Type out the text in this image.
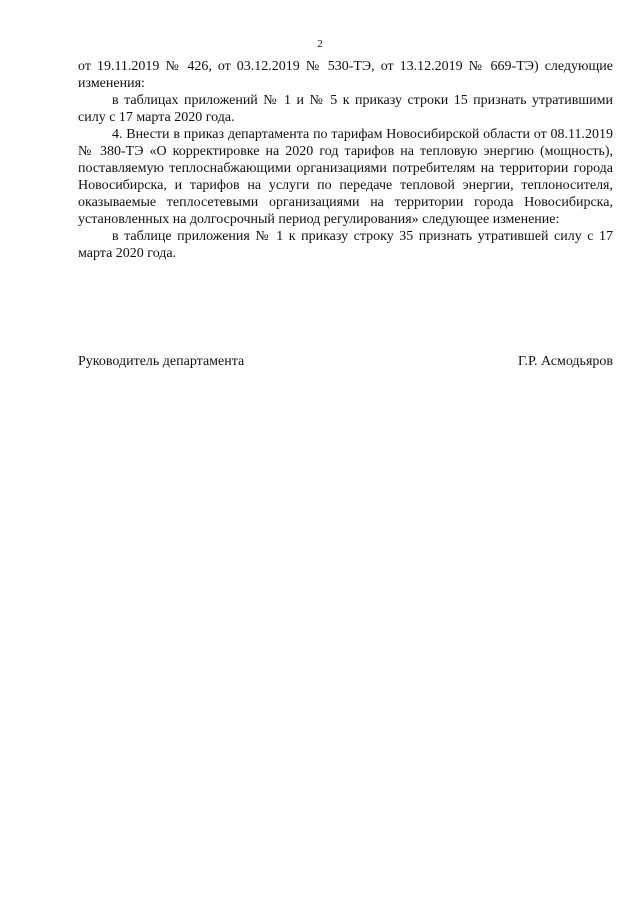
2

от 19.11.2019 № 426, от 03.12.2019 № 530-ТЭ, от 13.12.2019 № 669-ТЭ) следующие изменения:

в таблицах приложений № 1 и № 5 к приказу строки 15 признать утратившими силу с 17 марта 2020 года.

4. Внести в приказ департамента по тарифам Новосибирской области от 08.11.2019 № 380-ТЭ «О корректировке на 2020 год тарифов на тепловую энергию (мощность), поставляемую теплоснабжающими организациями потребителям на территории города Новосибирска, и тарифов на услуги по передаче тепловой энергии, теплоносителя, оказываемые теплосетевыми организациями на территории города Новосибирска, установленных на долгосрочный период регулирования» следующее изменение:

в таблице приложения № 1 к приказу строку 35 признать утратившей силу с 17 марта 2020 года.

Руководитель департамента	Г.Р. Асмодьяров
